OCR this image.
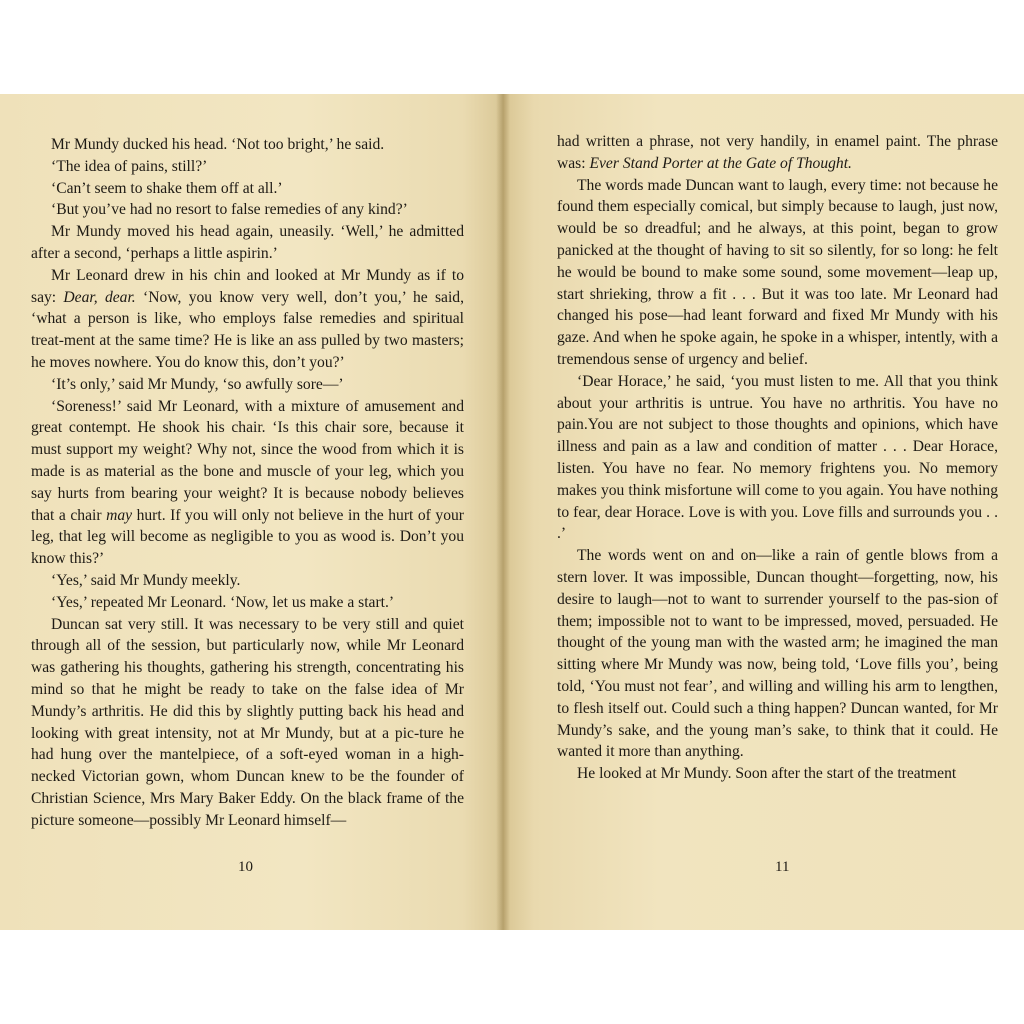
Mr Mundy ducked his head. ‘Not too bright,’ he said.

‘The idea of pains, still?’

‘Can’t seem to shake them off at all.’

‘But you’ve had no resort to false remedies of any kind?’

Mr Mundy moved his head again, uneasily. ‘Well,’ he admitted after a second, ‘perhaps a little aspirin.’

Mr Leonard drew in his chin and looked at Mr Mundy as if to say: Dear, dear. ‘Now, you know very well, don’t you,’ he said, ‘what a person is like, who employs false remedies and spiritual treat-ment at the same time? He is like an ass pulled by two masters; he moves nowhere. You do know this, don’t you?’

‘It’s only,’ said Mr Mundy, ‘so awfully sore—’

‘Soreness!’ said Mr Leonard, with a mixture of amusement and great contempt. He shook his chair. ‘Is this chair sore, because it must support my weight? Why not, since the wood from which it is made is as material as the bone and muscle of your leg, which you say hurts from bearing your weight? It is because nobody believes that a chair may hurt. If you will only not believe in the hurt of your leg, that leg will become as negligible to you as wood is. Don’t you know this?’

‘Yes,’ said Mr Mundy meekly.

‘Yes,’ repeated Mr Leonard. ‘Now, let us make a start.’

Duncan sat very still. It was necessary to be very still and quiet through all of the session, but particularly now, while Mr Leonard was gathering his thoughts, gathering his strength, concentrating his mind so that he might be ready to take on the false idea of Mr Mundy’s arthritis. He did this by slightly putting back his head and looking with great intensity, not at Mr Mundy, but at a pic-ture he had hung over the mantelpiece, of a soft-eyed woman in a high-necked Victorian gown, whom Duncan knew to be the founder of Christian Science, Mrs Mary Baker Eddy. On the black frame of the picture someone—possibly Mr Leonard himself—

10

had written a phrase, not very handily, in enamel paint. The phrase was: Ever Stand Porter at the Gate of Thought.

The words made Duncan want to laugh, every time: not because he found them especially comical, but simply because to laugh, just now, would be so dreadful; and he always, at this point, began to grow panicked at the thought of having to sit so silently, for so long: he felt he would be bound to make some sound, some movement—leap up, start shrieking, throw a fit . . . But it was too late. Mr Leonard had changed his pose—had leant forward and fixed Mr Mundy with his gaze. And when he spoke again, he spoke in a whisper, intently, with a tremendous sense of urgency and belief.

‘Dear Horace,’ he said, ‘you must listen to me. All that you think about your arthritis is untrue. You have no arthritis. You have no pain.You are not subject to those thoughts and opinions, which have illness and pain as a law and condition of matter . . . Dear Horace, listen. You have no fear. No memory frightens you. No memory makes you think misfortune will come to you again. You have nothing to fear, dear Horace. Love is with you. Love fills and surrounds you . . .’

The words went on and on—like a rain of gentle blows from a stern lover. It was impossible, Duncan thought—forgetting, now, his desire to laugh—not to want to surrender yourself to the pas-sion of them; impossible not to want to be impressed, moved, persuaded. He thought of the young man with the wasted arm; he imagined the man sitting where Mr Mundy was now, being told, ‘Love fills you’, being told, ‘You must not fear’, and willing and willing his arm to lengthen, to flesh itself out. Could such a thing happen? Duncan wanted, for Mr Mundy’s sake, and the young man’s sake, to think that it could. He wanted it more than anything.

He looked at Mr Mundy. Soon after the start of the treatment

11
